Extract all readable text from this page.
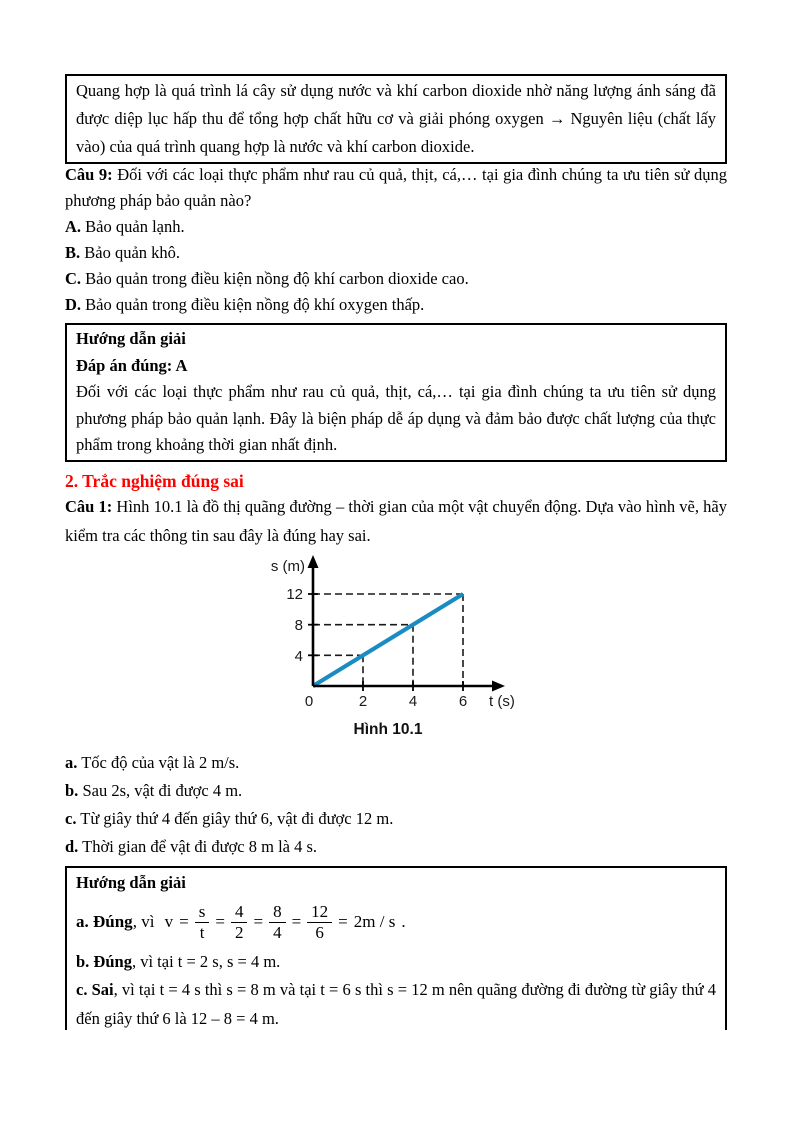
Quang hợp là quá trình lá cây sử dụng nước và khí carbon dioxide nhờ năng lượng ánh sáng đã được diệp lục hấp thu để tổng hợp chất hữu cơ và giải phóng oxygen → Nguyên liệu (chất lấy vào) của quá trình quang hợp là nước và khí carbon dioxide.

Câu 9: Đối với các loại thực phẩm như rau củ quả, thịt, cá,… tại gia đình chúng ta ưu tiên sử dụng phương pháp bảo quản nào?

A. Bảo quản lạnh.
B. Bảo quản khô.
C. Bảo quản trong điều kiện nồng độ khí carbon dioxide cao.
D. Bảo quản trong điều kiện nồng độ khí oxygen thấp.

Hướng dẫn giải

Đáp án đúng: A

Đối với các loại thực phẩm như rau củ quả, thịt, cá,… tại gia đình chúng ta ưu tiên sử dụng phương pháp bảo quản lạnh. Đây là biện pháp dễ áp dụng và đảm bảo được chất lượng của thực phẩm trong khoảng thời gian nhất định.

2. Trắc nghiệm đúng sai

Câu 1: Hình 10.1 là đồ thị quãng đường – thời gian của một vật chuyển động. Dựa vào hình vẽ, hãy kiểm tra các thông tin sau đây là đúng hay sai.

s (m)
12
8
4
0	2	4	6 t (s)
Hình 10.1
a. Tốc độ của vật là 2 m/s.
b. Sau 2s, vật đi được 4 m.
c. Từ giây thứ 4 đến giây thứ 6, vật đi được 12 m.
d. Thời gian để vật đi được 8 m là 4 s.

Hướng dẫn giải

a. Đúng, vì $v = \frac{s}{t} = \frac{4}{2} = \frac{8}{4} = \frac{12}{6} = 2m / s$ .
b. Đúng, vì tại t = 2 s, s = 4 m.

c. Sai, vì tại t = 4 s thì s = 8 m và tại t = 6 s thì s = 12 m nên quãng đường đi đường từ giây thứ 4 đến giây thứ 6 là 12 – 8 = 4 m.
